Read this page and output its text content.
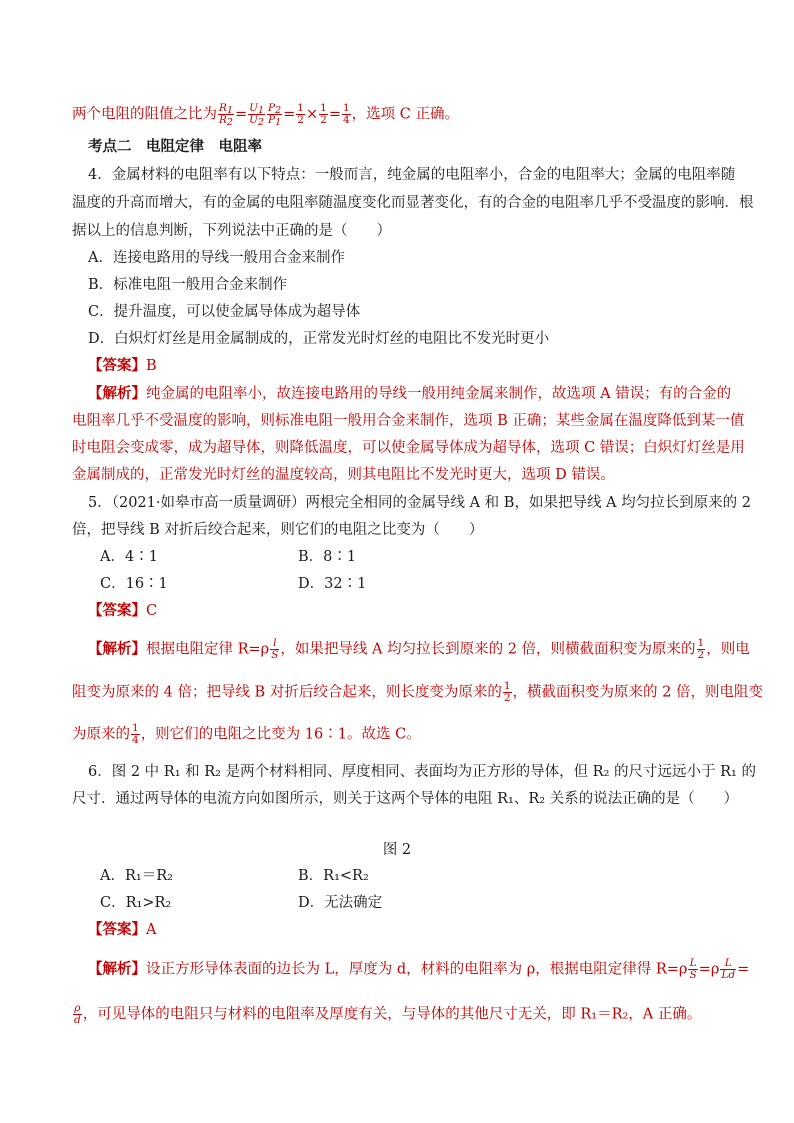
两个电阻的阻值之比为 $\frac{R_1}{R_2} = \frac{U_1}{U_2} \frac{P_2}{P_1} = \frac{1}{2} \times \frac{1}{2} = \frac{1}{4}$ ，选项 C 正确。
考点二　电阻定律　电阻率
4．金属材料的电阻率有以下特点：一般而言，纯金属的电阻率小，合金的电阻率大；金属的电阻率随
温度的升高而增大，有的金属的电阻率随温度变化而显著变化，有的合金的电阻率几乎不受温度的影响．根
据以上的信息判断，下列说法中正确的是（　　）
A．连接电路用的导线一般用合金来制作
B．标准电阻一般用合金来制作
C．提升温度，可以使金属导体成为超导体
D．白炽灯灯丝是用金属制成的，正常发光时灯丝的电阻比不发光时更小
【答案】B
【解析】纯金属的电阻率小，故连接电路用的导线一般用纯金属来制作，故选项 A 错误；有的合金的
电阻率几乎不受温度的影响，则标准电阻一般用合金来制作，选项 B 正确；某些金属在温度降低到某一值
时电阻会变成零，成为超导体，则降低温度，可以使金属导体成为超导体，选项 C 错误；白炽灯灯丝是用
金属制成的，正常发光时灯丝的温度较高，则其电阻比不发光时更大，选项 D 错误。
5．（2021·如皋市高一质量调研）两根完全相同的金属导线 A 和 B，如果把导线 A 均匀拉长到原来的 2
倍，把导线 B 对折后绞合起来，则它们的电阻之比变为（　　）
A．4∶1	B．8∶1
C．16∶1	D．32∶1
【答案】C
【解析】根据电阻定律 $R=\rho \frac{l}{S}$ ，如果把导线 A 均匀拉长到原来的 2 倍，则横截面积变为原来的 $\frac{1}{2}$ ，则电
阻变为原来的 4 倍；把导线 B 对折后绞合起来，则长度变为原来的 $\frac{1}{2}$ ，横截面积变为原来的 2 倍，则电阻变
为原来的 $\frac{1}{4}$ ，则它们的电阻之比变为 16∶1。故选 C。
6．图 2 中 R₁ 和 R₂ 是两个材料相同、厚度相同、表面均为正方形的导体，但 R₂ 的尺寸远远小于 R₁ 的
尺寸．通过两导体的电流方向如图所示，则关于这两个导体的电阻 R₁、R₂ 关系的说法正确的是（　　）
图 2
A．R₁＝R₂	B．R₁<R₂
C．R₁>R₂	D．无法确定
【答案】A
【解析】设正方形导体表面的边长为 L，厚度为 d，材料的电阻率为 ρ，根据电阻定律得 $R=\rho \frac{L}{S} =\rho \frac{L}{Ld}$ =
$\frac{\rho}{d}$ ，可见导体的电阻只与材料的电阻率及厚度有关，与导体的其他尺寸无关，即 R₁＝R₂，A 正确。
